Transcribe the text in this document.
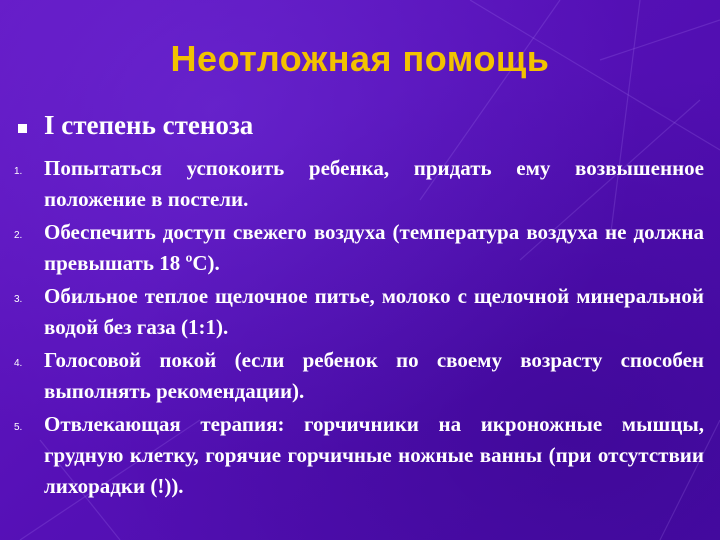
Неотложная помощь
I степень стеноза
1. Попытаться успокоить ребенка, придать ему возвышенное положение в постели.
2. Обеспечить доступ свежего воздуха (температура воздуха не должна превышать 18 ºС).
3. Обильное теплое щелочное питье, молоко с щелочной минеральной водой без газа (1:1).
4. Голосовой покой (если ребенок по своему возрасту способен выполнять рекомендации).
5. Отвлекающая терапия: горчичники на икроножные мышцы, грудную клетку, горячие горчичные ножные ванны (при отсутствии лихорадки (!)).
